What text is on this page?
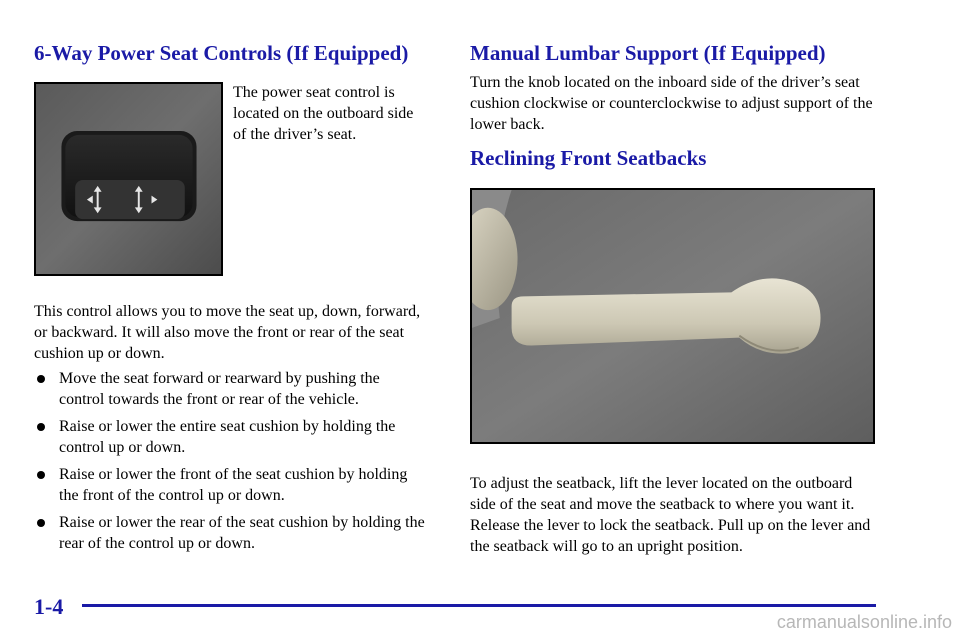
6-Way Power Seat Controls (If Equipped)

The power seat control is located on the outboard side of the driver’s seat.

This control allows you to move the seat up, down, forward, or backward. It will also move the front or rear of the seat cushion up or down.

Move the seat forward or rearward by pushing the control towards the front or rear of the vehicle.
Raise or lower the entire seat cushion by holding the control up or down.
Raise or lower the front of the seat cushion by holding the front of the control up or down.
Raise or lower the rear of the seat cushion by holding the rear of the control up or down.
Manual Lumbar Support (If Equipped)

Turn the knob located on the inboard side of the driver’s seat cushion clockwise or counterclockwise to adjust support of the lower back.

Reclining Front Seatbacks

To adjust the seatback, lift the lever located on the outboard side of the seat and move the seatback to where you want it. Release the lever to lock the seatback. Pull up on the lever and the seatback will go to an upright position.

1-4
carmanualsonline.info
